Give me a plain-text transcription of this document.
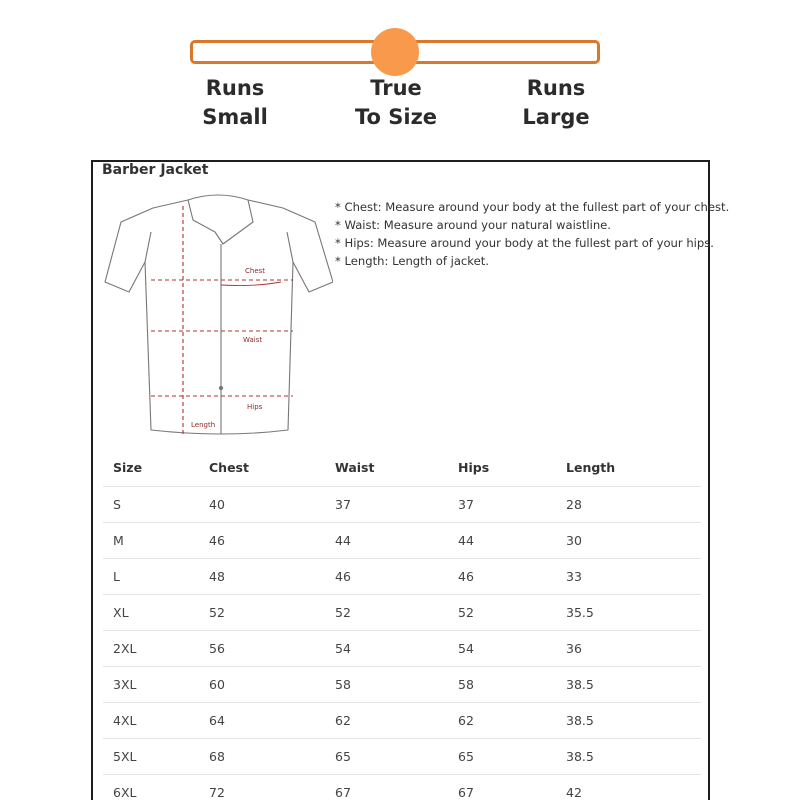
Runs
Small
True
To Size
Runs
Large
Barber Jacket
Chest
Waist
Hips
Length
* Chest: Measure around your body at the fullest part of your chest.
* Waist: Measure around your natural waistline.
* Hips: Measure around your body at the fullest part of your hips.
* Length: Length of jacket.
Size	Chest	Waist	Hips	Length
S	40	37	37	28
M	46	44	44	30
L	48	46	46	33
XL	52	52	52	35.5
2XL	56	54	54	36
3XL	60	58	58	38.5
4XL	64	62	62	38.5
5XL	68	65	65	38.5
6XL	72	67	67	42
